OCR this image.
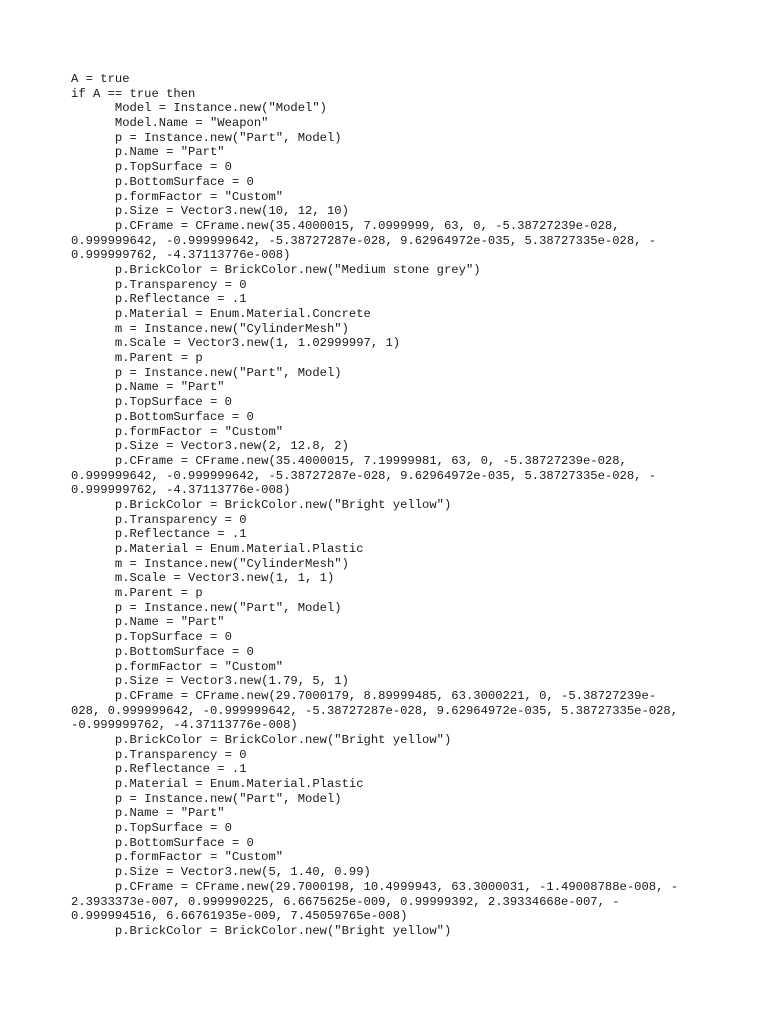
A = true
if A == true then
Model = Instance.new("Model")
Model.Name = "Weapon"
p = Instance.new("Part", Model)
p.Name = "Part"
p.TopSurface = 0
p.BottomSurface = 0
p.formFactor = "Custom"
p.Size = Vector3.new(10, 12, 10)
p.CFrame = CFrame.new(35.4000015, 7.0999999, 63, 0, -5.38727239e-028,
0.999999642, -0.999999642, -5.38727287e-028, 9.62964972e-035, 5.38727335e-028, -
0.999999762, -4.37113776e-008)
p.BrickColor = BrickColor.new("Medium stone grey")
p.Transparency = 0
p.Reflectance = .1
p.Material = Enum.Material.Concrete
m = Instance.new("CylinderMesh")
m.Scale = Vector3.new(1, 1.02999997, 1)
m.Parent = p
p = Instance.new("Part", Model)
p.Name = "Part"
p.TopSurface = 0
p.BottomSurface = 0
p.formFactor = "Custom"
p.Size = Vector3.new(2, 12.8, 2)
p.CFrame = CFrame.new(35.4000015, 7.19999981, 63, 0, -5.38727239e-028,
0.999999642, -0.999999642, -5.38727287e-028, 9.62964972e-035, 5.38727335e-028, -
0.999999762, -4.37113776e-008)
p.BrickColor = BrickColor.new("Bright yellow")
p.Transparency = 0
p.Reflectance = .1
p.Material = Enum.Material.Plastic
m = Instance.new("CylinderMesh")
m.Scale = Vector3.new(1, 1, 1)
m.Parent = p
p = Instance.new("Part", Model)
p.Name = "Part"
p.TopSurface = 0
p.BottomSurface = 0
p.formFactor = "Custom"
p.Size = Vector3.new(1.79, 5, 1)
p.CFrame = CFrame.new(29.7000179, 8.89999485, 63.3000221, 0, -5.38727239e-
028, 0.999999642, -0.999999642, -5.38727287e-028, 9.62964972e-035, 5.38727335e-028,
-0.999999762, -4.37113776e-008)
p.BrickColor = BrickColor.new("Bright yellow")
p.Transparency = 0
p.Reflectance = .1
p.Material = Enum.Material.Plastic
p = Instance.new("Part", Model)
p.Name = "Part"
p.TopSurface = 0
p.BottomSurface = 0
p.formFactor = "Custom"
p.Size = Vector3.new(5, 1.40, 0.99)
p.CFrame = CFrame.new(29.7000198, 10.4999943, 63.3000031, -1.49008788e-008, -
2.3933373e-007, 0.999990225, 6.6675625e-009, 0.99999392, 2.39334668e-007, -
0.999994516, 6.66761935e-009, 7.45059765e-008)
p.BrickColor = BrickColor.new("Bright yellow")
